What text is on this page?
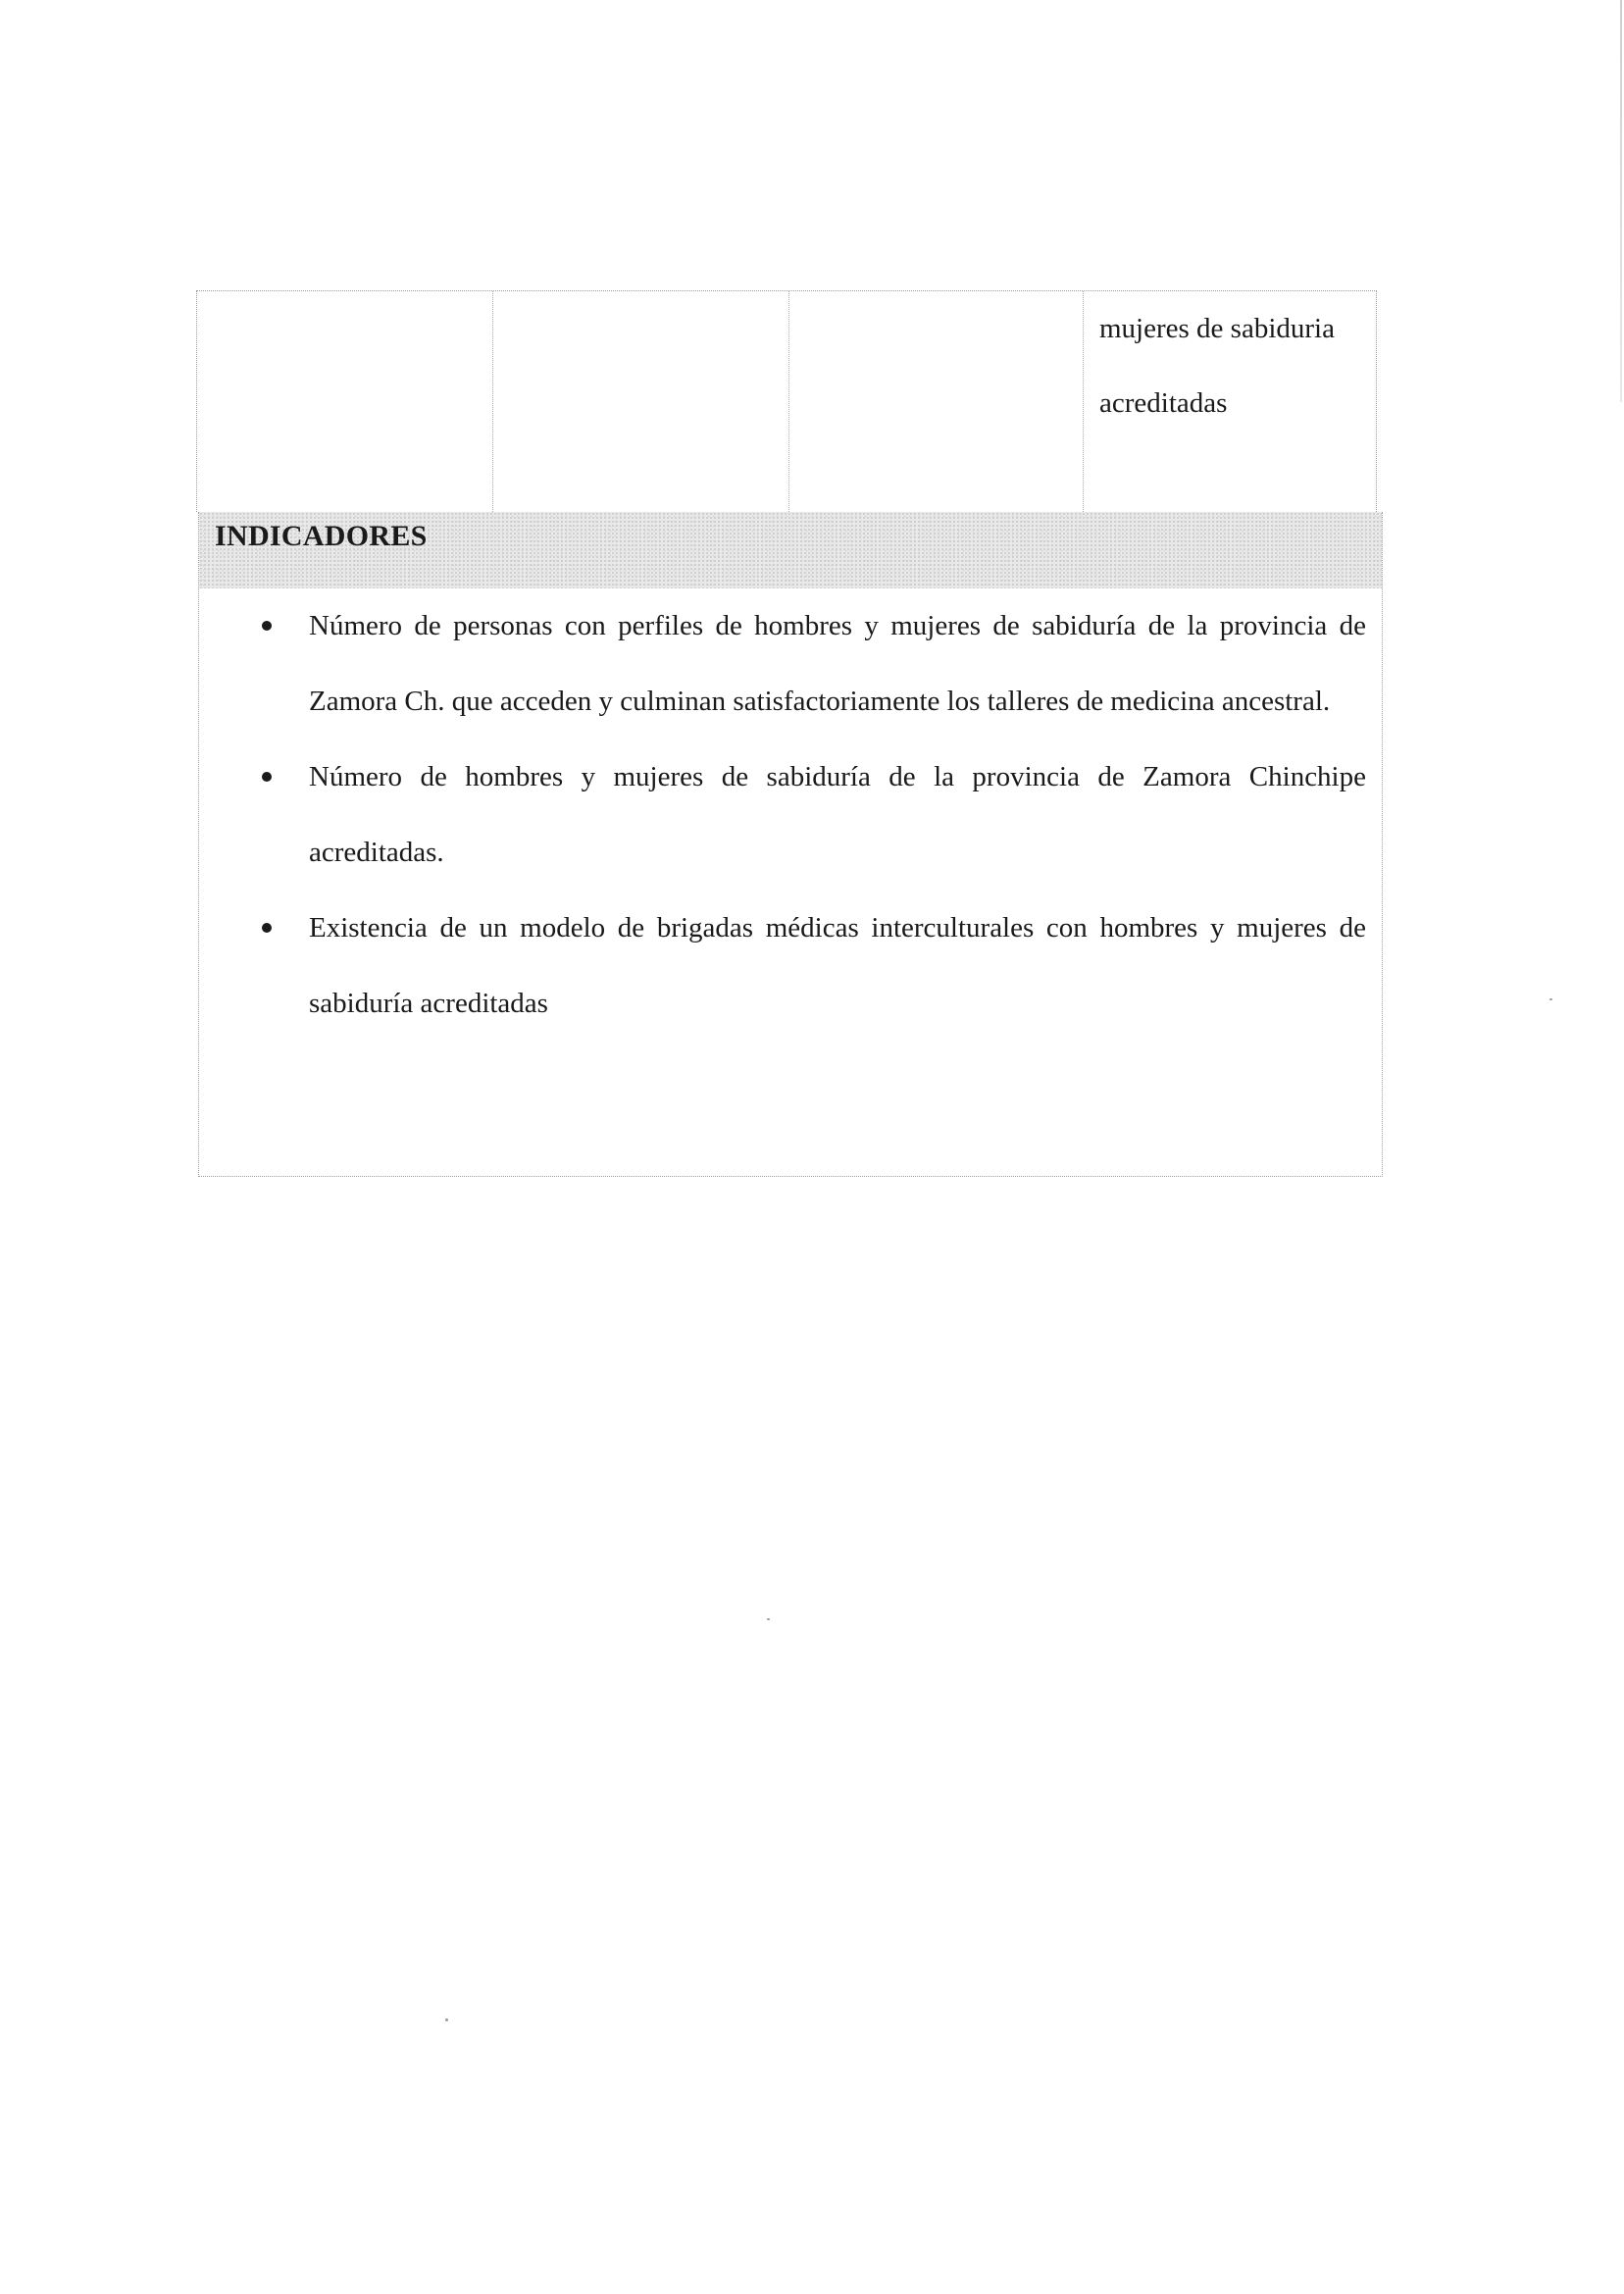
mujeres de sabiduria
acreditadas
INDICADORES
Número de personas con perfiles de hombres y mujeres de sabiduría de la provincia de Zamora Ch. que acceden y culminan satisfactoriamente los talleres de medicina ancestral.
Número de hombres y mujeres de sabiduría de la provincia de Zamora Chinchipe acreditadas.
Existencia de un modelo de brigadas médicas interculturales con hombres y mujeres de sabiduría acreditadas
